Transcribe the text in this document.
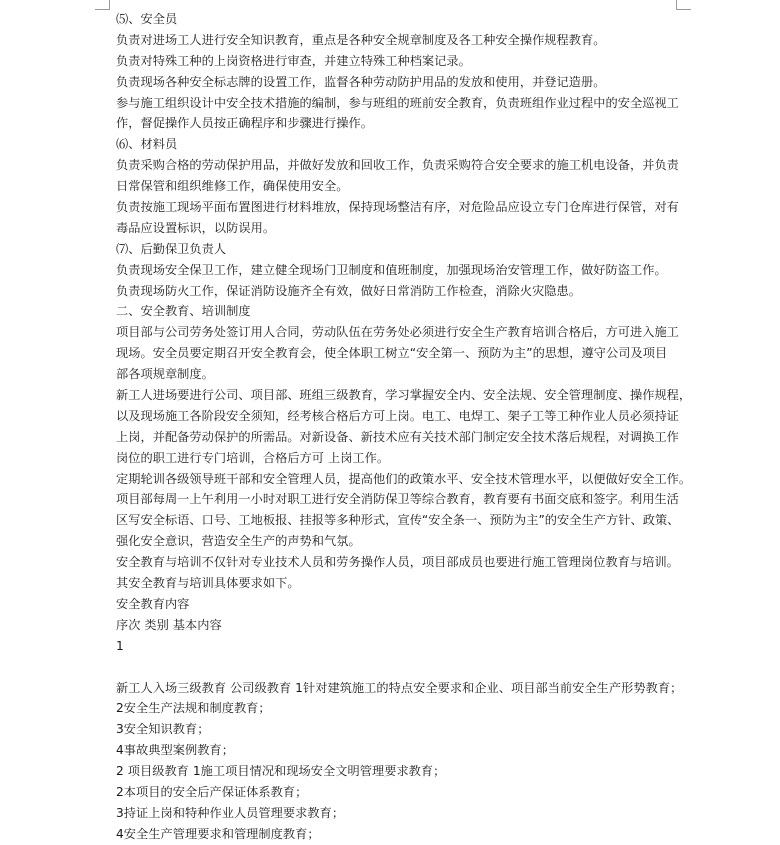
⑸、安全员
负责对进场工人进行安全知识教育，重点是各种安全规章制度及各工种安全操作规程教育。
负责对特殊工种的上岗资格进行审查，并建立特殊工种档案记录。
负责现场各种安全标志牌的设置工作，监督各种劳动防护用品的发放和使用，并登记造册。
参与施工组织设计中安全技术措施的编制，参与班组的班前安全教育，负责班组作业过程中的安全巡视工
作，督促操作人员按正确程序和步骤进行操作。
⑹、材料员
负责采购合格的劳动保护用品，并做好发放和回收工作，负责采购符合安全要求的施工机电设备，并负责
日常保管和组织维修工作，确保使用安全。
负责按施工现场平面布置图进行材料堆放，保持现场整洁有序，对危险品应设立专门仓库进行保管，对有
毒品应设置标识，以防误用。
⑺、后勤保卫负责人
负责现场安全保卫工作，建立健全现场门卫制度和值班制度，加强现场治安管理工作，做好防盗工作。
负责现场防火工作，保证消防设施齐全有效，做好日常消防工作检查，消除火灾隐患。
二、安全教育、培训制度
项目部与公司劳务处签订用人合同，劳动队伍在劳务处必须进行安全生产教育培训合格后，方可进入施工
现场。安全员要定期召开安全教育会，使全体职工树立“安全第一、预防为主”的思想，遵守公司及项目
部各项规章制度。
新工人进场要进行公司、项目部、班组三级教育，学习掌握安全内、安全法规、安全管理制度、操作规程，
以及现场施工各阶段安全须知，经考核合格后方可上岗。电工、电焊工、架子工等工种作业人员必须持证
上岗，并配备劳动保护的所需品。对新设备、新技术应有关技术部门制定安全技术落后规程，对调换工作
岗位的职工进行专门培训，合格后方可 上岗工作。
定期轮训各级领导班干部和安全管理人员，提高他们的政策水平、安全技术管理水平，以便做好安全工作。
项目部每周一上午利用一小时对职工进行安全消防保卫等综合教育，教育要有书面交底和签字。利用生活
区写安全标语、口号、工地板报、挂报等多种形式，宣传“安全条一、预防为主”的安全生产方针、政策、
强化安全意识，营造安全生产的声势和气氛。
安全教育与培训不仅针对专业技术人员和劳务操作人员，项目部成员也要进行施工管理岗位教育与培训。
其安全教育与培训具体要求如下。
安全教育内容
序次 类别 基本内容
1
新工人入场三级教育 公司级教育 1针对建筑施工的特点安全要求和企业、项目部当前安全生产形势教育；
2安全生产法规和制度教育；
3安全知识教育；
4事故典型案例教育；
2 项目级教育 1施工项目情况和现场安全文明管理要求教育；
2本项目的安全后产保证体系教育；
3持证上岗和特种作业人员管理要求教育；
4安全生产管理要求和管理制度教育；
